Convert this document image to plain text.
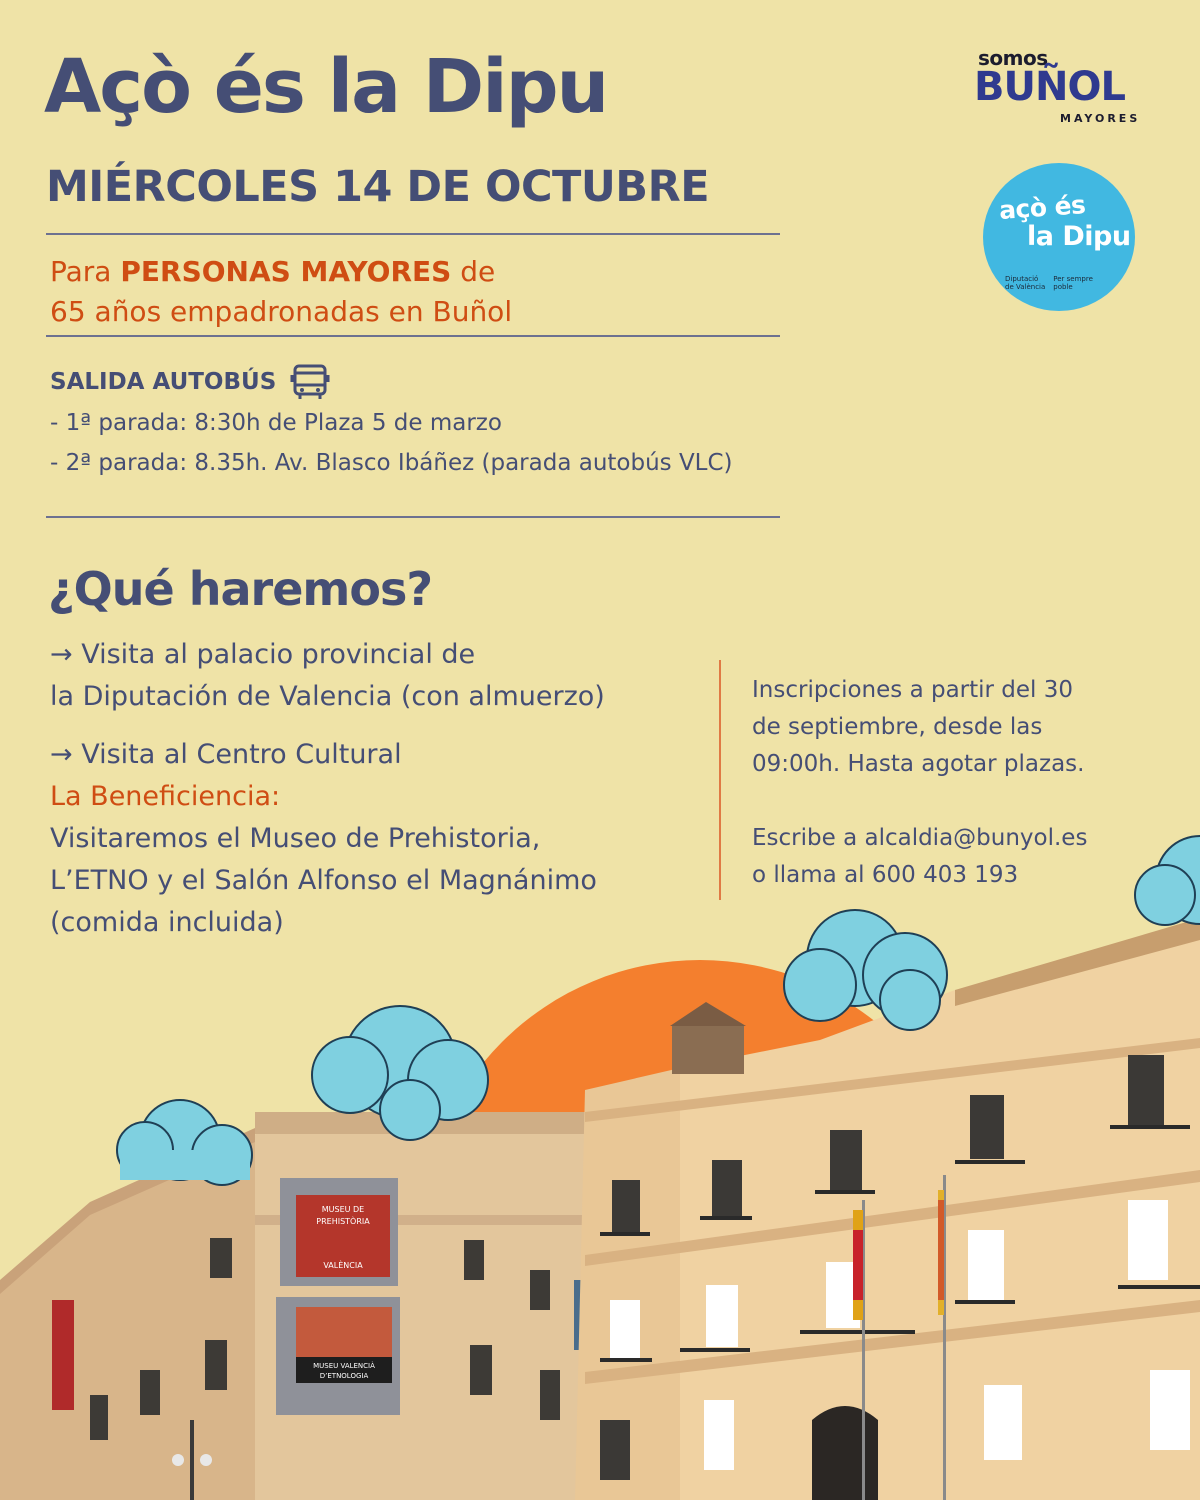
MUSEU DE
PREHISTÒRIA
VALÈNCIA
MUSEU VALENCIÀ
D’ETNOLOGIA
Açò és la Dipu
MIÉRCOLES 14 DE OCTUBRE
Para PERSONAS MAYORES de
65 años empadronadas en Buñol
SALIDA AUTOBÚS
- 1ª parada: 8:30h de Plaza 5 de marzo
- 2ª parada: 8.35h. Av. Blasco Ibáñez (parada autobús VLC)
¿Qué haremos?

→ Visita al palacio provincial de

la Diputación de Valencia (con almuerzo)

→ Visita al Centro Cultural

La Beneficiencia:

Visitaremos el Museo de Prehistoria,

L’ETNO y el Salón Alfonso el Magnánimo

(comida incluida)

Inscripciones a partir del 30

de septiembre, desde las

09:00h. Hasta agotar plazas.

Escribe a alcaldia@bunyol.es

o llama al 600 403 193

somos
BUÑOL
MAYORES
açò és
la Dipu
Diputació
de València
Per sempre
poble
